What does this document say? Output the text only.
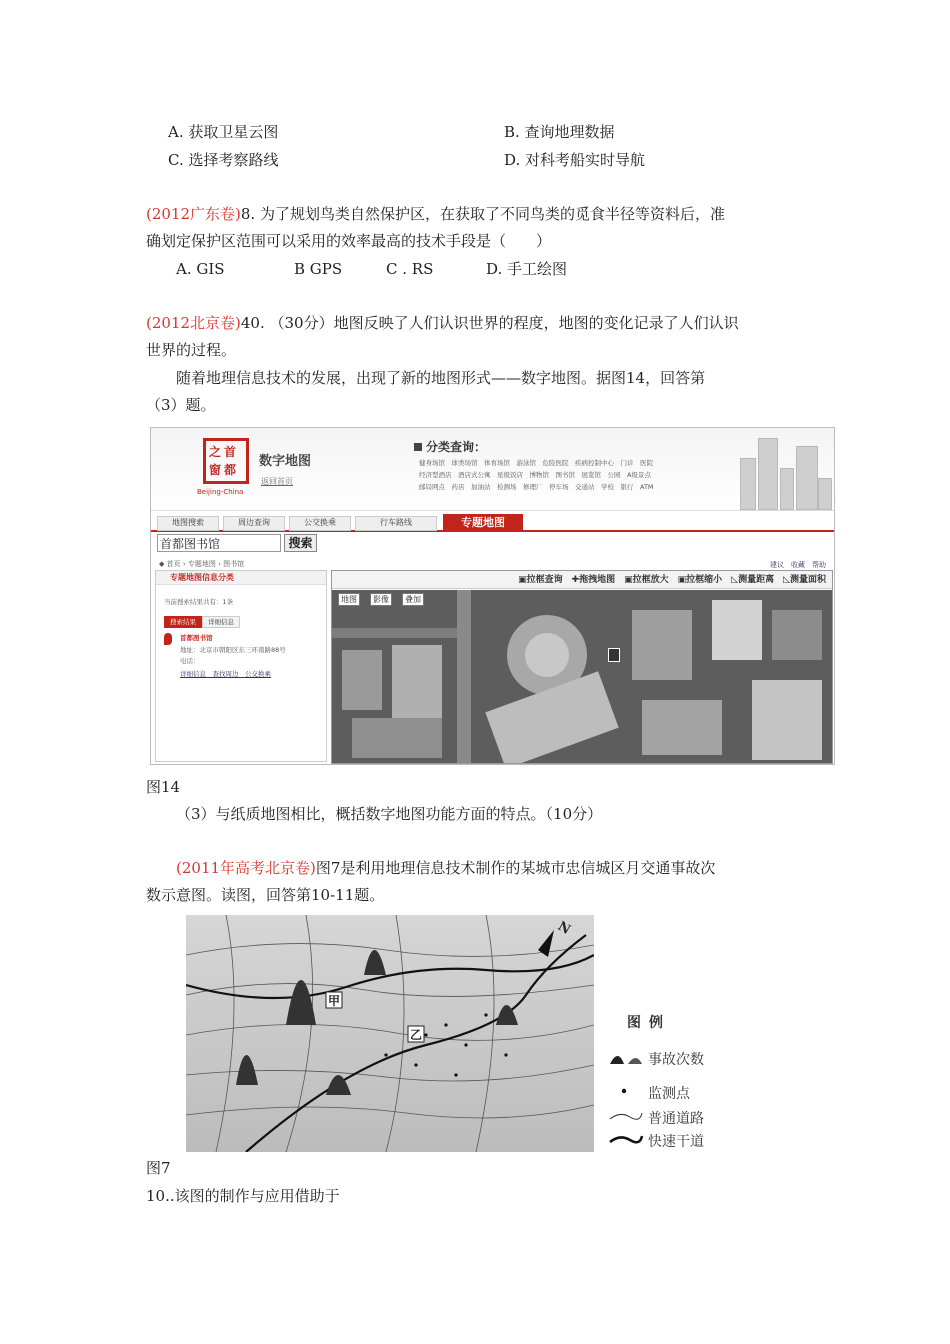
A. 获取卫星云图	B. 查询地理数据
C. 选择考察路线	D. 对科考船实时导航
(2012广东卷)8. 为了规划鸟类自然保护区，在获取了不同鸟类的觅食半径等资料后，准
确划定保护区范围可以采用的效率最高的技术手段是（　　）
A. GIS	B GPS	C . RS	D. 手工绘图
(2012北京卷)40. （30分）地图反映了人们认识世界的程度，地图的变化记录了人们认识
世界的过程。
随着地理信息技术的发展，出现了新的地图形式——数字地图。据图14，回答第
（3）题。
首
都
之
窗
Beijing-China
数字地图
返回首页
分类查询：
健身场馆　球类场馆　体育场馆　游泳馆　危险医院　疾病控制中心　门诊　医院
经济型酒店　酒店式公寓　星级饭店　博物馆　图书馆　展览馆　公园　A级景点
邮局网点　药店　加油站　检测场　修理厂　停车场　交通站　学校　银行　ATM
地图搜索	周边查询	公交换乘	行车路线	专题地图
首都图书馆	搜索
◆ 首页 › 专题地图 › 图书馆	建议　收藏　帮助
专题地图信息分类
当前搜索结果共有：1条
搜索结果	详细信息
首都图书馆
地址：北京市朝阳区东三环南路88号
电话：
详细信息　查找周边　公交换乘
▣拉框查询　✚拖拽地图　▣拉框放大　▣拉框缩小　◺测量距离　◺测量面积
地图	影像	叠加
图14
（3）与纸质地图相比，概括数字地图功能方面的特点。（10分）
(2011年高考北京卷)图7是利用地理信息技术制作的某城市忠信城区月交通事故次
数示意图。读图，回答第10-11题。
甲
乙
N
图例
事故次数
监测点
普通道路
快速干道
图7
10..该图的制作与应用借助于
